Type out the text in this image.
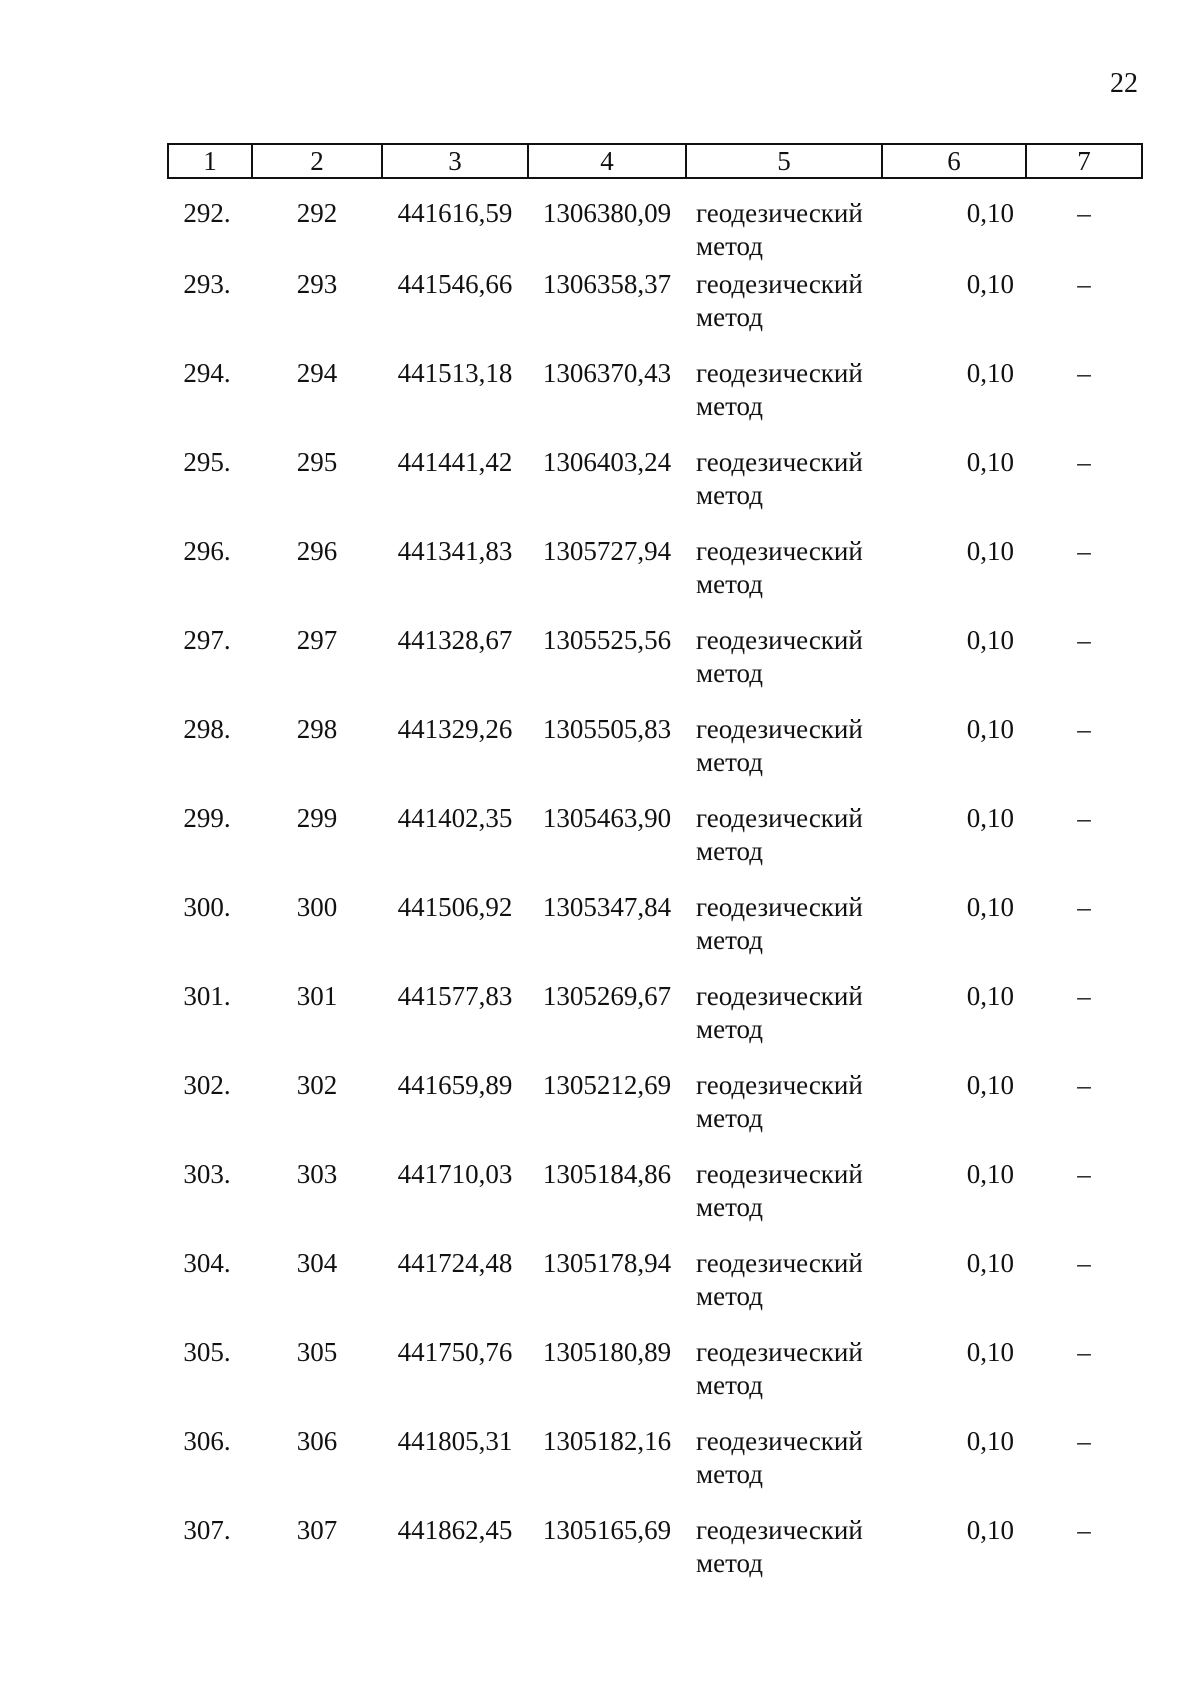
22
1	2	3	4	5	6	7
292.	292	441616,59	1306380,09	геодезический метод	0,10	–
293.	293	441546,66	1306358,37	геодезический метод	0,10	–
294.	294	441513,18	1306370,43	геодезический метод	0,10	–
295.	295	441441,42	1306403,24	геодезический метод	0,10	–
296.	296	441341,83	1305727,94	геодезический метод	0,10	–
297.	297	441328,67	1305525,56	геодезический метод	0,10	–
298.	298	441329,26	1305505,83	геодезический метод	0,10	–
299.	299	441402,35	1305463,90	геодезический метод	0,10	–
300.	300	441506,92	1305347,84	геодезический метод	0,10	–
301.	301	441577,83	1305269,67	геодезический метод	0,10	–
302.	302	441659,89	1305212,69	геодезический метод	0,10	–
303.	303	441710,03	1305184,86	геодезический метод	0,10	–
304.	304	441724,48	1305178,94	геодезический метод	0,10	–
305.	305	441750,76	1305180,89	геодезический метод	0,10	–
306.	306	441805,31	1305182,16	геодезический метод	0,10	–
307.	307	441862,45	1305165,69	геодезический метод	0,10	–
